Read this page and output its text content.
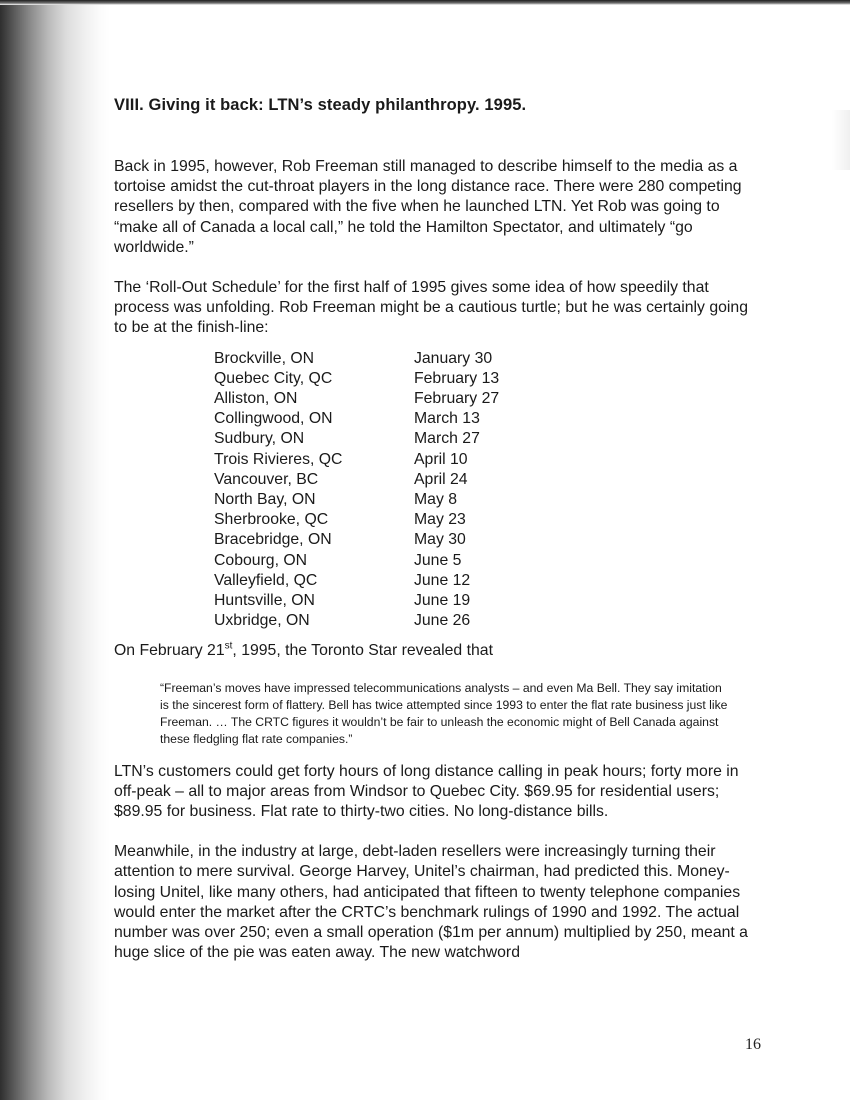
VIII. Giving it back: LTN’s steady philanthropy. 1995.

Back in 1995, however, Rob Freeman still managed to describe himself to the media as a tortoise amidst the cut-throat players in the long distance race. There were 280 competing resellers by then, compared with the five when he launched LTN. Yet Rob was going to “make all of Canada a local call,” he told the Hamilton Spectator, and ultimately “go worldwide.”

The ‘Roll-Out Schedule’ for the first half of 1995 gives some idea of how speedily that process was unfolding. Rob Freeman might be a cautious turtle; but he was certainly going to be at the finish-line:

Brockville, ON	January 30
Quebec City, QC	February 13
Alliston, ON	February 27
Collingwood, ON	March 13
Sudbury, ON	March 27
Trois Rivieres, QC	April 10
Vancouver, BC	April 24
North Bay, ON	May 8
Sherbrooke, QC	May 23
Bracebridge, ON	May 30
Cobourg, ON	June 5
Valleyfield, QC	June 12
Huntsville, ON	June 19
Uxbridge, ON	June 26

On February 21st, 1995, the Toronto Star revealed that

“Freeman’s moves have impressed telecommunications analysts – and even Ma Bell. They say imitation is the sincerest form of flattery. Bell has twice attempted since 1993 to enter the flat rate business just like Freeman. … The CRTC figures it wouldn’t be fair to unleash the economic might of Bell Canada against these fledgling flat rate companies.”

LTN’s customers could get forty hours of long distance calling in peak hours; forty more in off-peak – all to major areas from Windsor to Quebec City. $69.95 for residential users; $89.95 for business. Flat rate to thirty-two cities. No long-distance bills.

Meanwhile, in the industry at large, debt-laden resellers were increasingly turning their attention to mere survival. George Harvey, Unitel’s chairman, had predicted this. Money-losing Unitel, like many others, had anticipated that fifteen to twenty telephone companies would enter the market after the CRTC’s benchmark rulings of 1990 and 1992. The actual number was over 250; even a small operation ($1m per annum) multiplied by 250, meant a huge slice of the pie was eaten away. The new watchword

16
